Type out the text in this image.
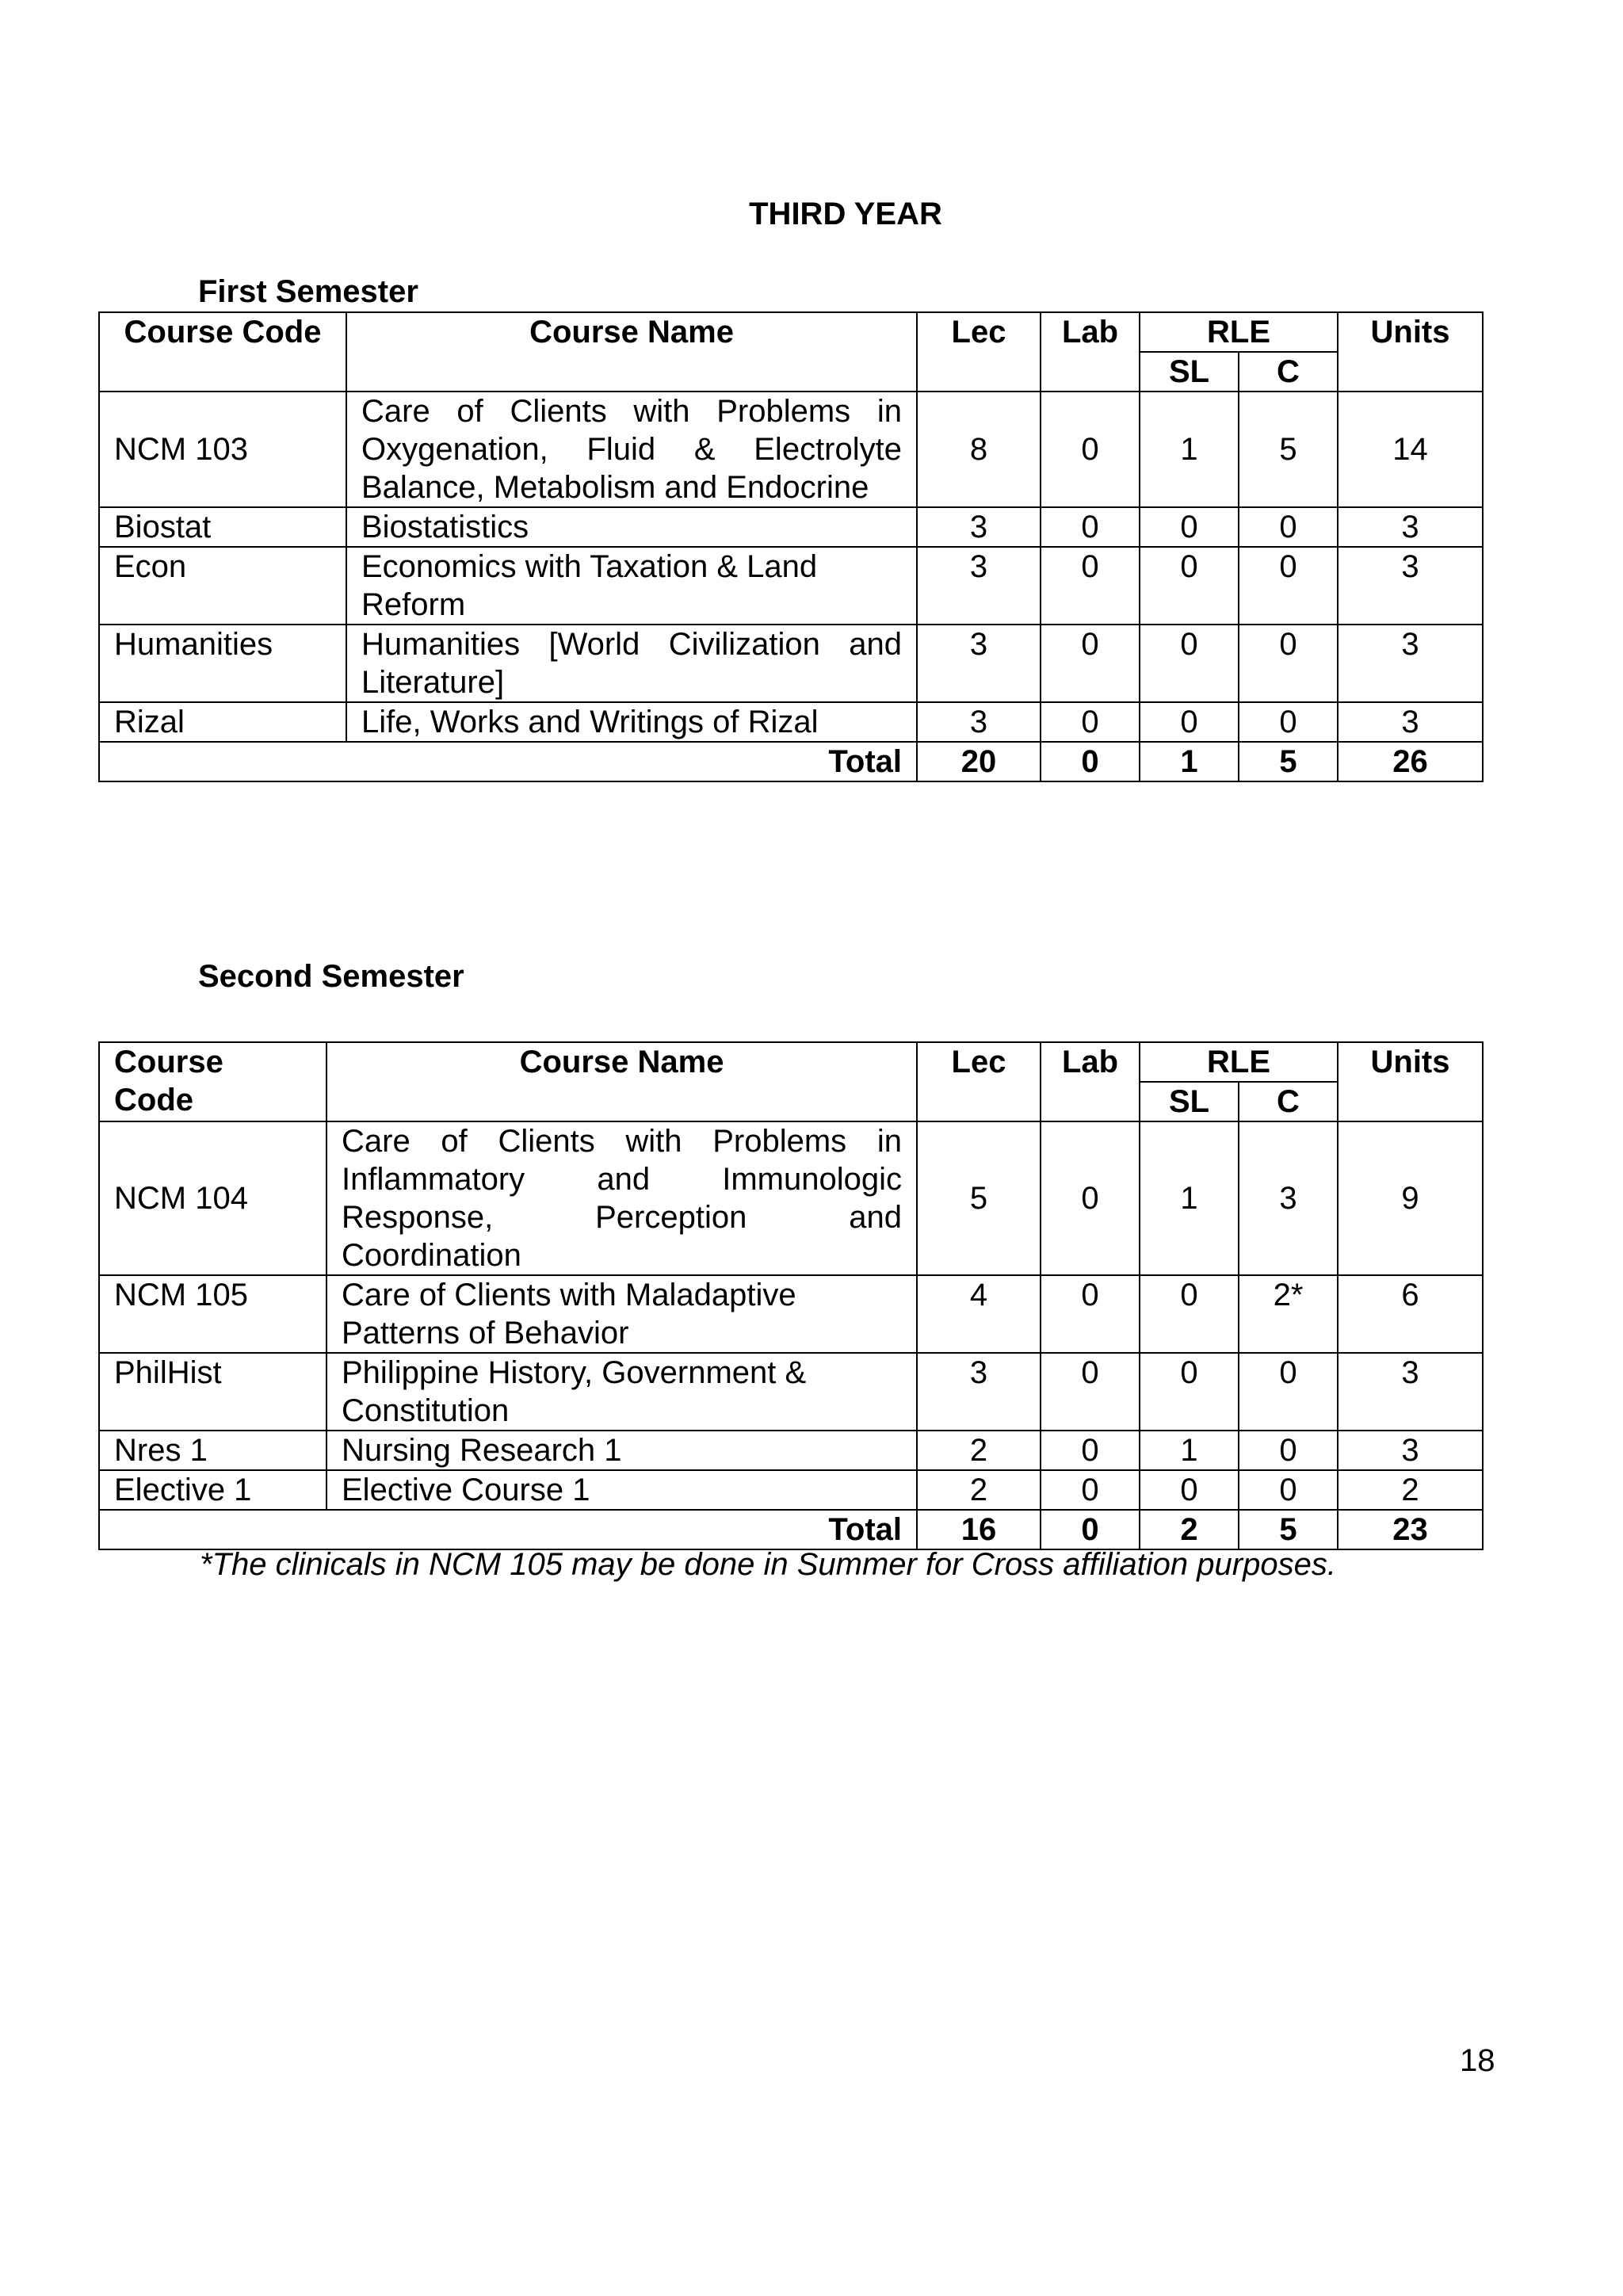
THIRD YEAR
First Semester
Course Code	Course Name	Lec	Lab	RLE		Units
				SL	C	
NCM 103	Care of Clients with Problems in Oxygenation, Fluid & Electrolyte Balance, Metabolism and Endocrine	8	0	1	5	14
Biostat	Biostatistics	3	0	0	0	3
Econ	Economics with Taxation & Land Reform	3	0	0	0	3
Humanities	Humanities [World Civilization and Literature]	3	0	0	0	3
Rizal	Life, Works and Writings of Rizal	3	0	0	0	3
Total		20	0	1	5	26
Second Semester
Course Code	Course Name	Lec	Lab	RLE		Units
				SL	C	
NCM 104	Care of Clients with Problems in Inflammatory and Immunologic Response, Perception and Coordination	5	0	1	3	9
NCM 105	Care of Clients with Maladaptive Patterns of Behavior	4	0	0	2*	6
PhilHist	Philippine History, Government & Constitution	3	0	0	0	3
Nres 1	Nursing Research 1	2	0	1	0	3
Elective 1	Elective Course 1	2	0	0	0	2
Total		16	0	2	5	23
*The clinicals in NCM 105 may be done in Summer for Cross affiliation purposes.
18
